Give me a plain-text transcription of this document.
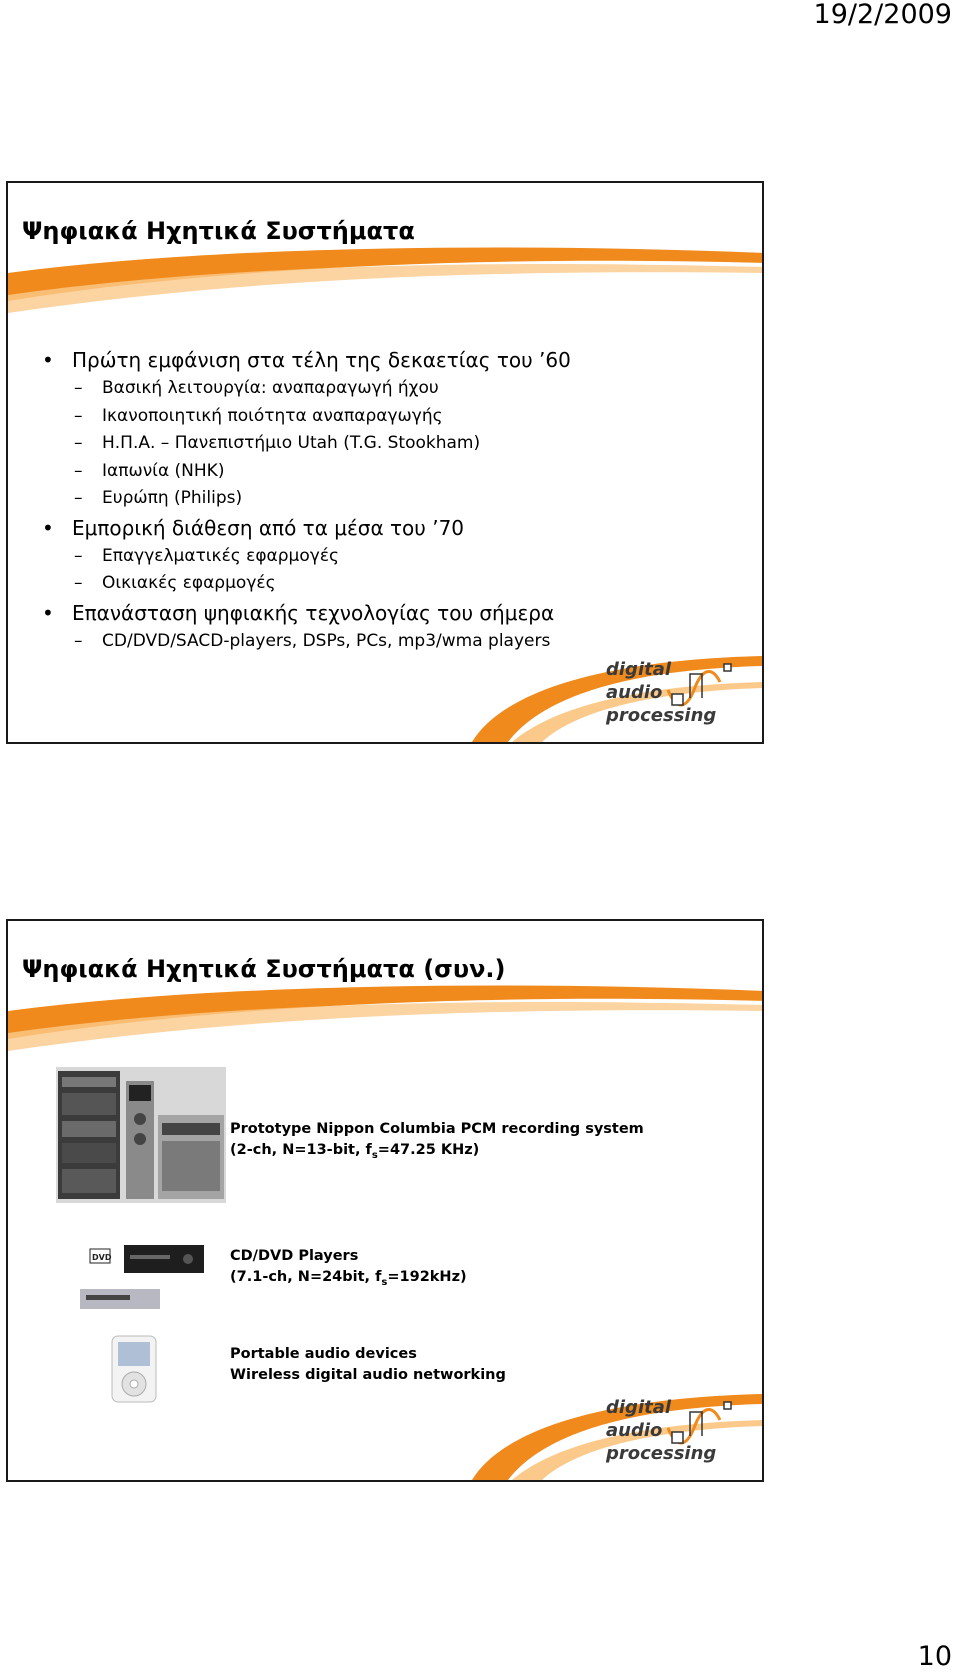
19/2/2009
Ψηφιακά Ηχητικά Συστήματα
• Πρώτη εμφάνιση στα τέλη της δεκαετίας του ’60
– Βασική λειτουργία: αναπαραγωγή ήχου
– Ικανοποιητική ποιότητα αναπαραγωγής
– Η.Π.Α. – Πανεπιστήμιο Utah (T.G. Stookham)
– Ιαπωνία (NHK)
– Ευρώπη (Philips)
• Εμπορική διάθεση από τα μέσα του ’70
– Επαγγελματικές εφαρμογές
– Οικιακές εφαρμογές
• Επανάσταση ψηφιακής τεχνολογίας του σήμερα
– CD/DVD/SACD-players, DSPs, PCs, mp3/wma players
digital
audio
processing
Ψηφιακά Ηχητικά Συστήματα (συν.)
Prototype Nippon Columbia PCM recording system
(2-ch, N=13-bit, $f_s=47.25$ KHz)
DVD	CD/DVD Players
(7.1-ch, N=24bit, $f_s=192kHz$)
Portable audio devices
Wireless digital audio networking
digital
audio
processing
10
